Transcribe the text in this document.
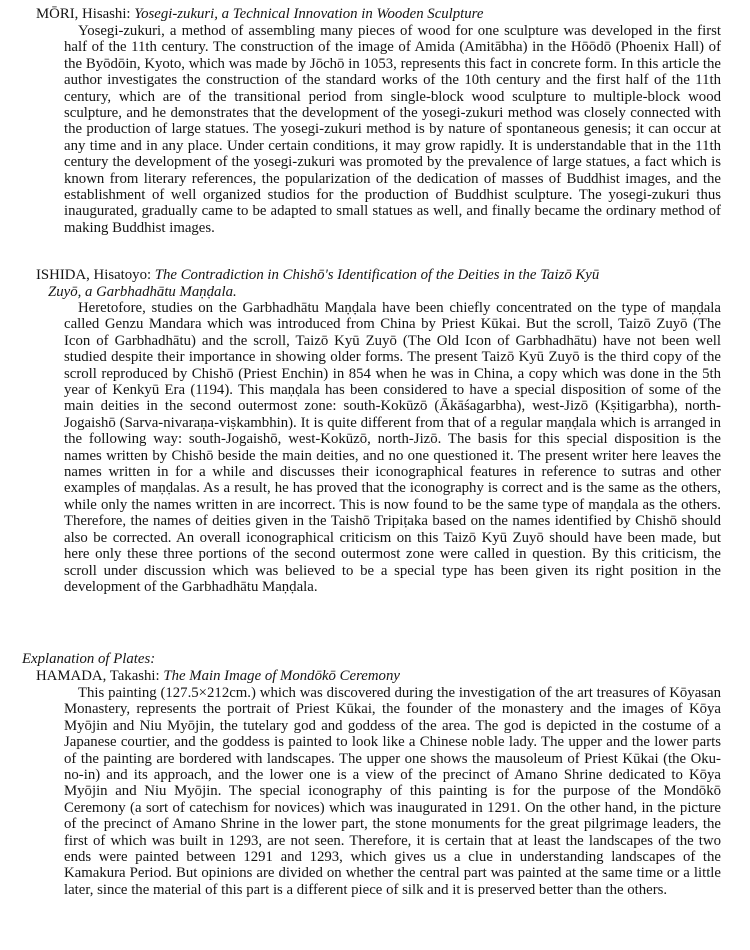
MŌRI, Hisashi: Yosegi-zukuri, a Technical Innovation in Wooden Sculpture

Yosegi-zukuri, a method of assembling many pieces of wood for one sculpture was developed in the first half of the 11th century. The construction of the image of Amida (Amitābha) in the Hōōdō (Phoenix Hall) of the Byōdōin, Kyoto, which was made by Jōchō in 1053, represents this fact in concrete form. In this article the author investigates the construction of the standard works of the 10th century and the first half of the 11th century, which are of the transitional period from single-block wood sculpture to multiple-block wood sculpture, and he demonstrates that the development of the yosegi-zukuri method was closely connected with the production of large statues. The yosegi-zukuri method is by nature of spontaneous genesis; it can occur at any time and in any place. Under certain conditions, it may grow rapidly. It is understandable that in the 11th century the development of the yosegi-zukuri was promoted by the prevalence of large statues, a fact which is known from literary references, the popularization of the dedication of masses of Buddhist images, and the establishment of well organized studios for the production of Buddhist sculpture. The yosegi-zukuri thus inaugurated, gradually came to be adapted to small statues as well, and finally became the ordinary method of making Buddhist images.

ISHIDA, Hisatoyo: The Contradiction in Chishō's Identification of the Deities in the Taizō Kyū

Zuyō, a Garbhadhātu Maṇḍala.

Heretofore, studies on the Garbhadhātu Maṇḍala have been chiefly concentrated on the type of maṇḍala called Genzu Mandara which was introduced from China by Priest Kūkai. But the scroll, Taizō Zuyō (The Icon of Garbhadhātu) and the scroll, Taizō Kyū Zuyō (The Old Icon of Garbhadhātu) have not been well studied despite their importance in showing older forms. The present Taizō Kyū Zuyō is the third copy of the scroll reproduced by Chishō (Priest Enchin) in 854 when he was in China, a copy which was done in the 5th year of Kenkyū Era (1194). This maṇḍala has been considered to have a special disposition of some of the main deities in the second outermost zone: south-Kokūzō (Ākāśagarbha), west-Jizō (Kṣitigarbha), north-Jogaishō (Sarva-nivaraṇa-viṣkambhin). It is quite different from that of a regular maṇḍala which is arranged in the following way: south-Jogaishō, west-Kokūzō, north-Jizō. The basis for this special disposition is the names written by Chishō beside the main deities, and no one questioned it. The present writer here leaves the names written in for a while and discusses their iconographical features in reference to sutras and other examples of maṇḍalas. As a result, he has proved that the iconography is correct and is the same as the others, while only the names written in are incorrect. This is now found to be the same type of maṇḍala as the others. Therefore, the names of deities given in the Taishō Tripiṭaka based on the names identified by Chishō should also be corrected. An overall iconographical criticism on this Taizō Kyū Zuyō should have been made, but here only these three portions of the second outermost zone were called in question. By this criticism, the scroll under discussion which was believed to be a special type has been given its right position in the development of the Garbhadhātu Maṇḍala.

Explanation of Plates:

HAMADA, Takashi: The Main Image of Mondōkō Ceremony

This painting (127.5×212cm.) which was discovered during the investigation of the art treasures of Kōyasan Monastery, represents the portrait of Priest Kūkai, the founder of the monastery and the images of Kōya Myōjin and Niu Myōjin, the tutelary god and goddess of the area. The god is depicted in the costume of a Japanese courtier, and the goddess is painted to look like a Chinese noble lady. The upper and the lower parts of the painting are bordered with landscapes. The upper one shows the mausoleum of Priest Kūkai (the Oku-no-in) and its approach, and the lower one is a view of the precinct of Amano Shrine dedicated to Kōya Myōjin and Niu Myōjin. The special iconography of this painting is for the purpose of the Mondōkō Ceremony (a sort of catechism for novices) which was inaugurated in 1291. On the other hand, in the picture of the precinct of Amano Shrine in the lower part, the stone monuments for the great pilgrimage leaders, the first of which was built in 1293, are not seen. Therefore, it is certain that at least the landscapes of the two ends were painted between 1291 and 1293, which gives us a clue in understanding landscapes of the Kamakura Period. But opinions are divided on whether the central part was painted at the same time or a little later, since the material of this part is a different piece of silk and it is preserved better than the others.
